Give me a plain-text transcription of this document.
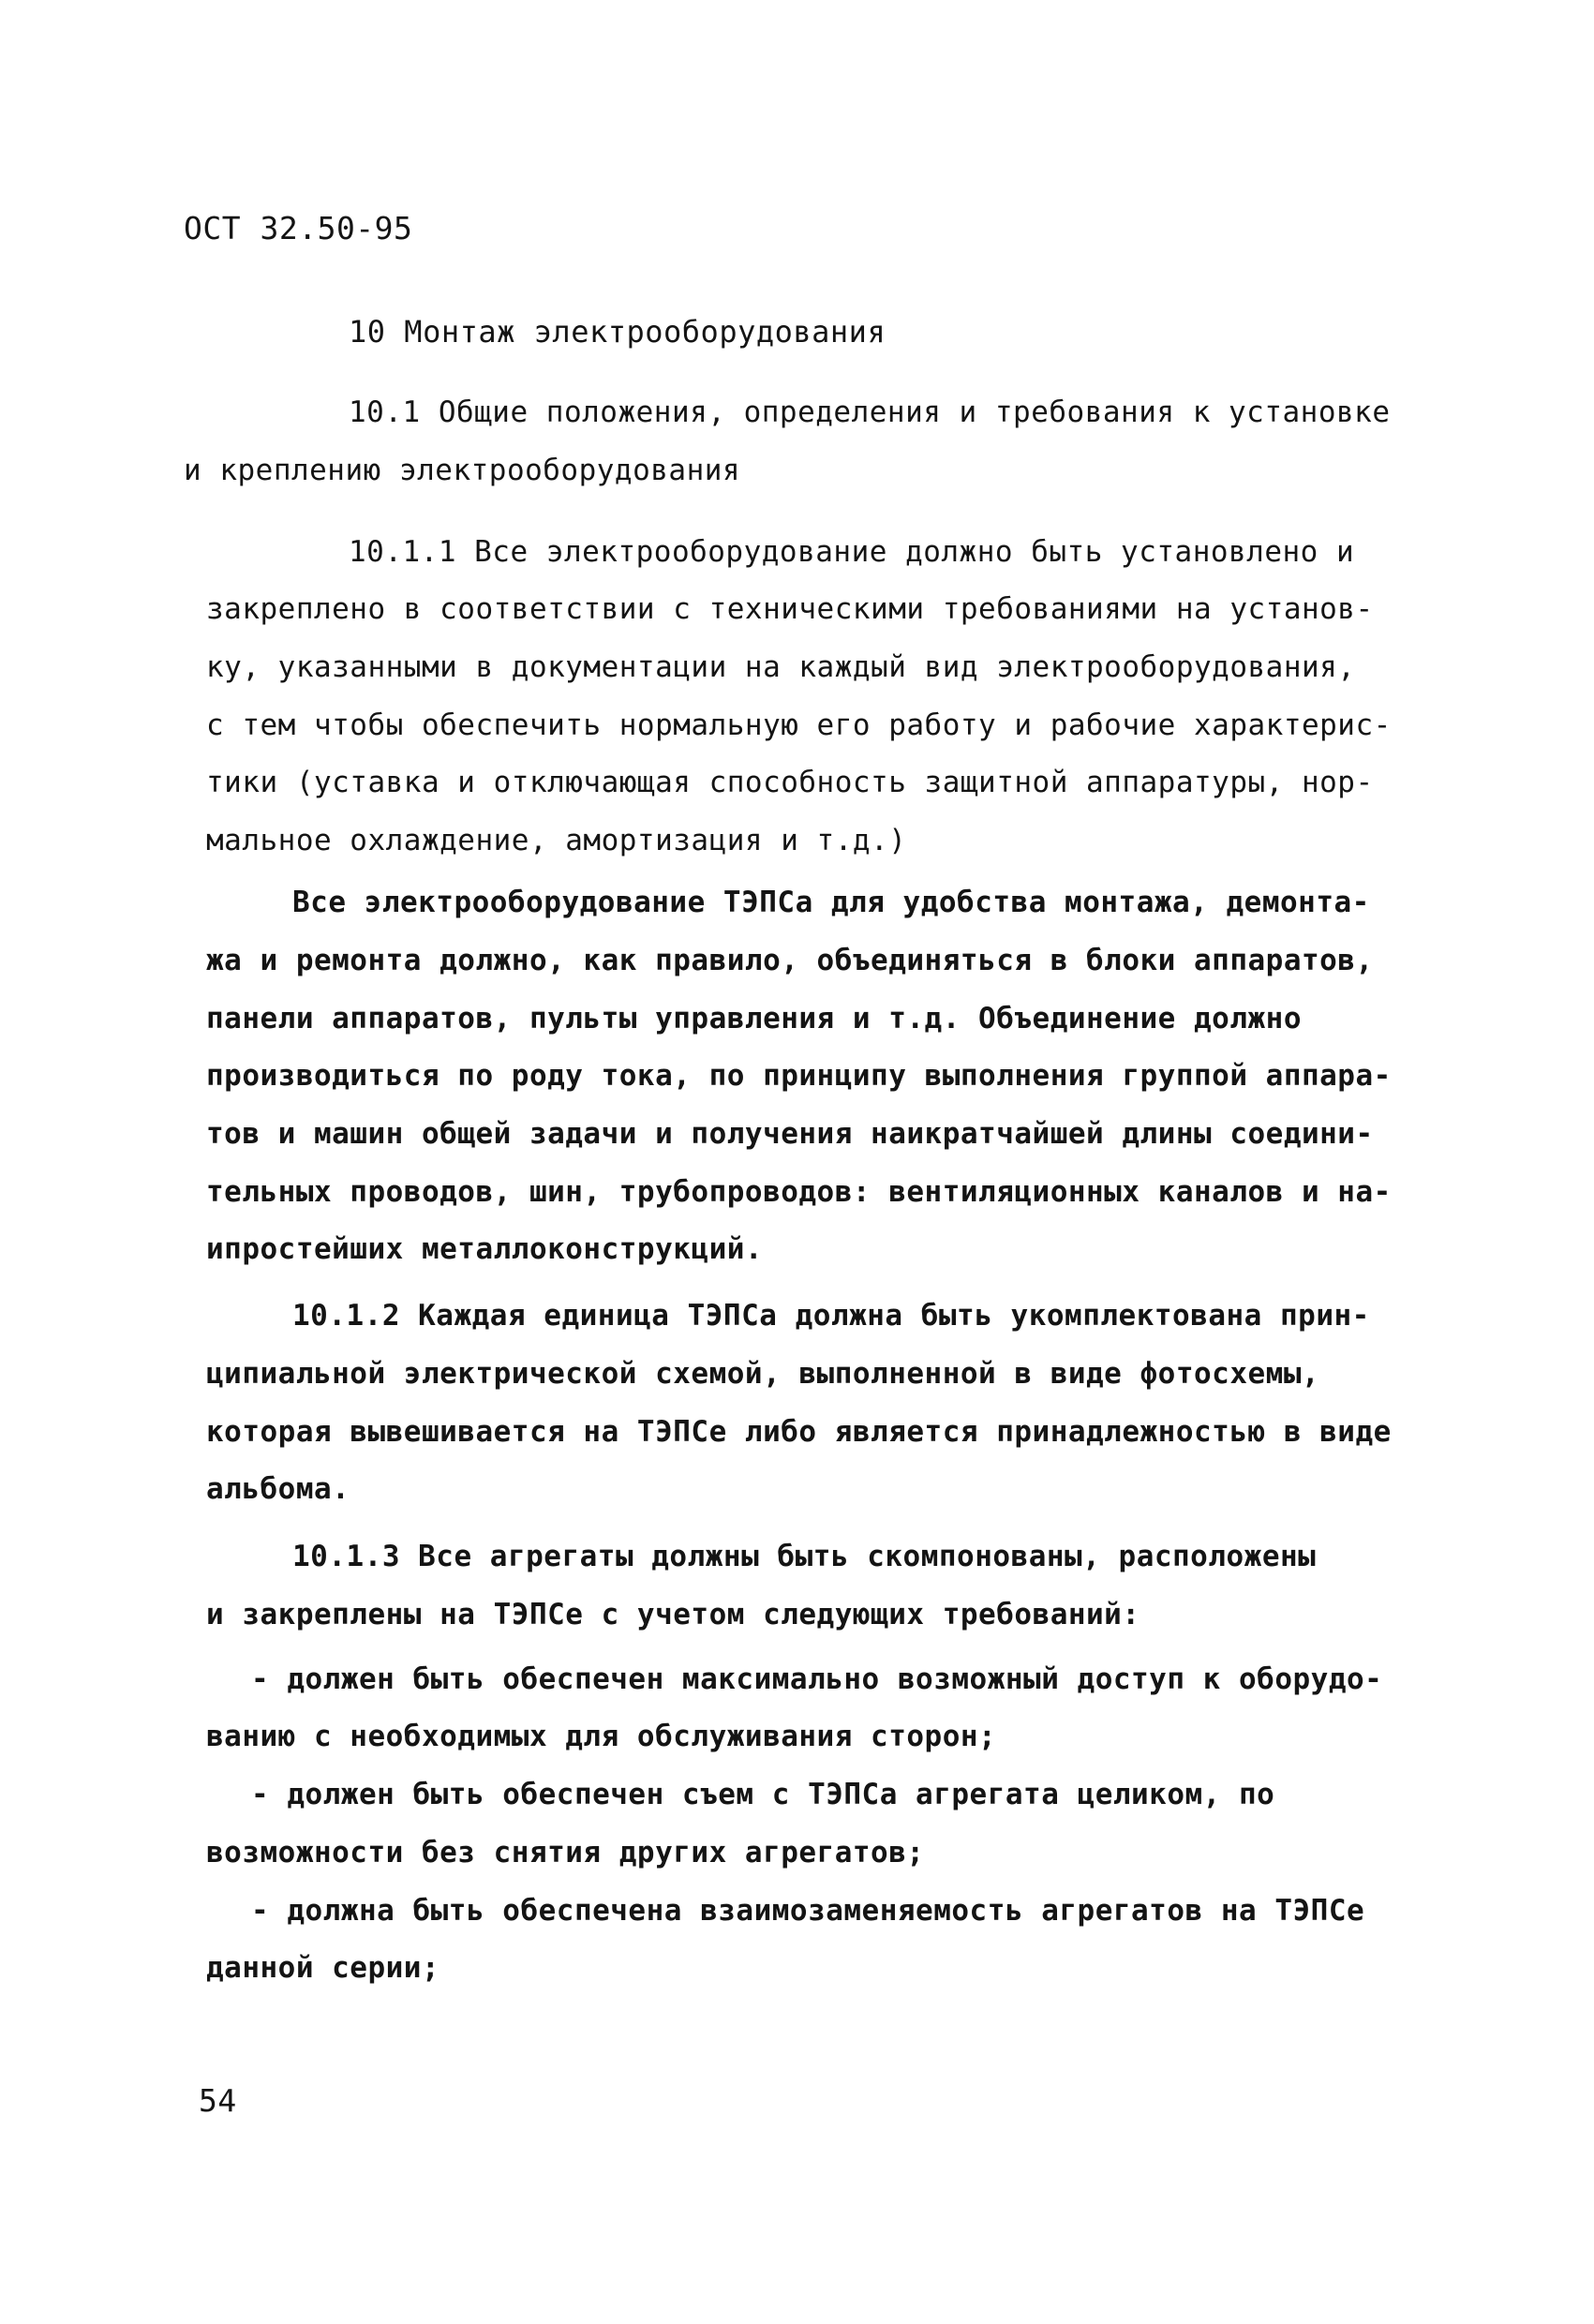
ОСТ 32.50-95
10 Монтаж электрооборудования
10.1 Общие положения, определения и требования к установке
и креплению электрооборудования
10.1.1 Все электрооборудование должно быть установлено и
закреплено в соответствии с техническими требованиями на установ-
ку, указанными в документации на каждый вид электрооборудования,
с тем чтобы обеспечить нормальную его работу и рабочие характерис-
тики (уставка и отключающая способность защитной аппаратуры, нор-
мальное охлаждение, амортизация и т.д.)
Все электрооборудование ТЭПСа для удобства монтажа, демонта-
жа и ремонта должно, как правило, объединяться в блоки аппаратов,
панели аппаратов, пульты управления и т.д. Объединение должно
производиться по роду тока, по принципу выполнения группой аппара-
тов и машин общей задачи и получения наикратчайшей длины соедини-
тельных проводов, шин, трубопроводов: вентиляционных каналов и на-
ипростейших металлоконструкций.
10.1.2 Каждая единица ТЭПСа должна быть укомплектована прин-
ципиальной электрической схемой, выполненной в виде фотосхемы,
которая вывешивается на ТЭПСе либо является принадлежностью в виде
альбома.
10.1.3 Все агрегаты должны быть скомпонованы, расположены
и закреплены на ТЭПСе с учетом следующих требований:
- должен быть обеспечен максимально возможный доступ к оборудо-
ванию с необходимых для обслуживания сторон;
- должен быть обеспечен съем с ТЭПСа агрегата целиком, по
возможности без снятия других агрегатов;
- должна быть обеспечена взаимозаменяемость агрегатов на ТЭПСе
данной серии;
54
